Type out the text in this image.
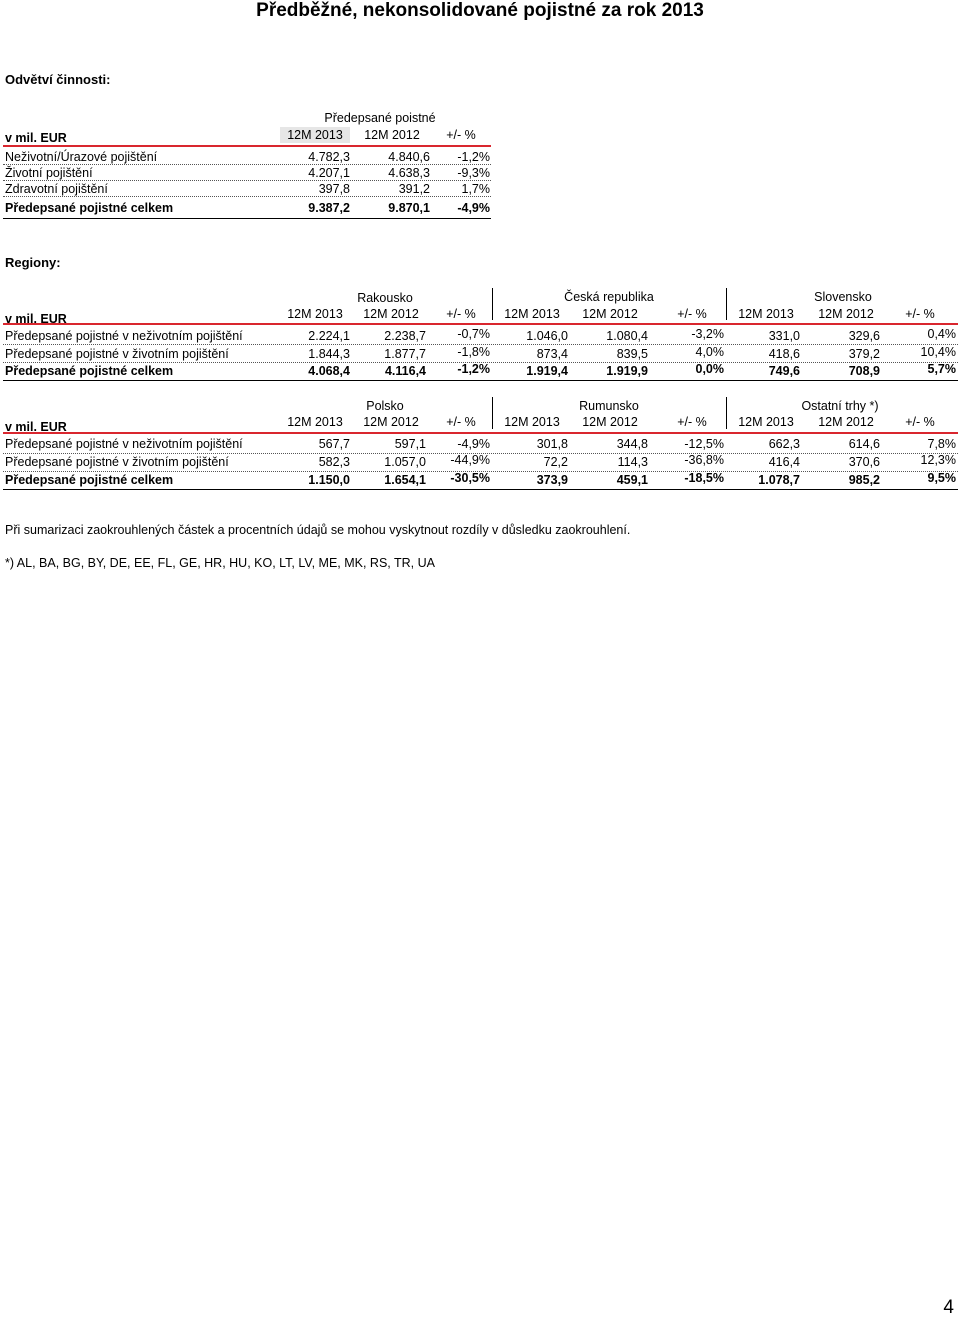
Předběžné, nekonsolidované pojistné za rok 2013
Odvětví činnosti:
Předepsané poistné
v mil. EUR	12M 2013	12M 2012	+/- %
Neživotní/Úrazové pojištění	4.782,3	4.840,6	-1,2%
Životní pojištění	4.207,1	4.638,3	-9,3%
Zdravotní pojištění	397,8	391,2	1,7%
Předepsané pojistné celkem	9.387,2	9.870,1	-4,9%
Regiony:
Rakousko	Česká republika	Slovensko
v mil. EUR	12M 2013	12M 2012	+/- %	12M 2013	12M 2012	+/- %	12M 2013	12M 2012	+/- %
Předepsané pojistné v neživotním pojištění	2.224,1	2.238,7	-0,7%	1.046,0	1.080,4	-3,2%	331,0	329,6	0,4%
Předepsané pojistné v životním pojištění	1.844,3	1.877,7	-1,8%	873,4	839,5	4,0%	418,6	379,2	10,4%
Předepsané pojistné celkem	4.068,4	4.116,4	-1,2%	1.919,4	1.919,9	0,0%	749,6	708,9	5,7%
Polsko	Rumunsko	Ostatní trhy *)
v mil. EUR	12M 2013	12M 2012	+/- %	12M 2013	12M 2012	+/- %	12M 2013	12M 2012	+/- %
Předepsané pojistné v neživotním pojištění	567,7	597,1	-4,9%	301,8	344,8	-12,5%	662,3	614,6	7,8%
Předepsané pojistné v životním pojištění	582,3	1.057,0	-44,9%	72,2	114,3	-36,8%	416,4	370,6	12,3%
Předepsané pojistné celkem	1.150,0	1.654,1	-30,5%	373,9	459,1	-18,5%	1.078,7	985,2	9,5%
Při sumarizaci zaokrouhlených částek a procentních údajů se mohou vyskytnout rozdíly v důsledku zaokrouhlení.
*) AL, BA, BG, BY, DE, EE, FL, GE, HR, HU, KO, LT, LV, ME, MK, RS, TR, UA
4
